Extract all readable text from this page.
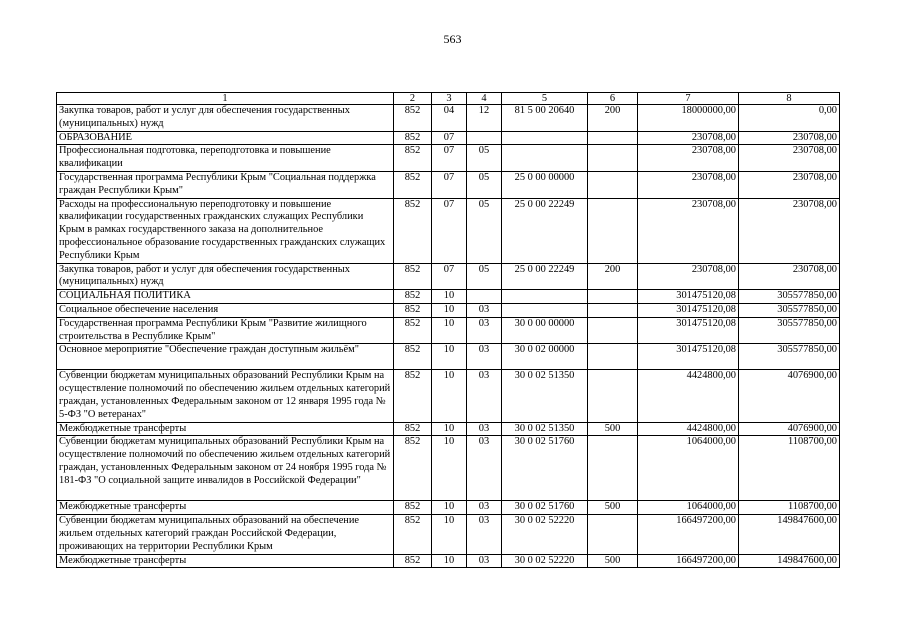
563
1	2	3	4	5	6	7	8
Закупка товаров, работ и услуг для обеспечения государственных (муниципальных) нужд	852	04	12	81 5 00 20640	200	18000000,00	0,00
ОБРАЗОВАНИЕ	852	07				230708,00	230708,00
Профессиональная подготовка, переподготовка и повышение квалификации	852	07	05			230708,00	230708,00
Государственная программа Республики Крым "Социальная поддержка граждан Республики Крым"	852	07	05	25 0 00 00000		230708,00	230708,00
Расходы на профессиональную переподготовку и повышение квалификации государственных гражданских служащих Республики Крым в рамках государственного заказа на дополнительное профессиональное образование государственных гражданских служащих Республики Крым	852	07	05	25 0 00 22249		230708,00	230708,00
Закупка товаров, работ и услуг для обеспечения государственных (муниципальных) нужд	852	07	05	25 0 00 22249	200	230708,00	230708,00
СОЦИАЛЬНАЯ ПОЛИТИКА	852	10				301475120,08	305577850,00
Социальное обеспечение населения	852	10	03			301475120,08	305577850,00
Государственная программа Республики Крым "Развитие жилищного строительства в Республике Крым"	852	10	03	30 0 00 00000		301475120,08	305577850,00
Основное мероприятие "Обеспечение граждан доступным жильём"	852	10	03	30 0 02 00000		301475120,08	305577850,00
Субвенции бюджетам муниципальных образований Республики Крым на осуществление полномочий по обеспечению жильем отдельных категорий граждан, установленных Федеральным законом от 12 января 1995 года № 5-ФЗ "О ветеранах"	852	10	03	30 0 02 51350		4424800,00	4076900,00
Межбюджетные трансферты	852	10	03	30 0 02 51350	500	4424800,00	4076900,00
Субвенции бюджетам муниципальных образований Республики Крым на осуществление полномочий по обеспечению жильем отдельных категорий граждан, установленных Федеральным законом от 24 ноября 1995 года № 181-ФЗ "О социальной защите инвалидов в Российской Федерации"	852	10	03	30 0 02 51760		1064000,00	1108700,00
Межбюджетные трансферты	852	10	03	30 0 02 51760	500	1064000,00	1108700,00
Субвенции бюджетам муниципальных образований на обеспечение жильем отдельных категорий граждан Российской Федерации, проживающих на территории Республики Крым	852	10	03	30 0 02 52220		166497200,00	149847600,00
Межбюджетные трансферты	852	10	03	30 0 02 52220	500	166497200,00	149847600,00
